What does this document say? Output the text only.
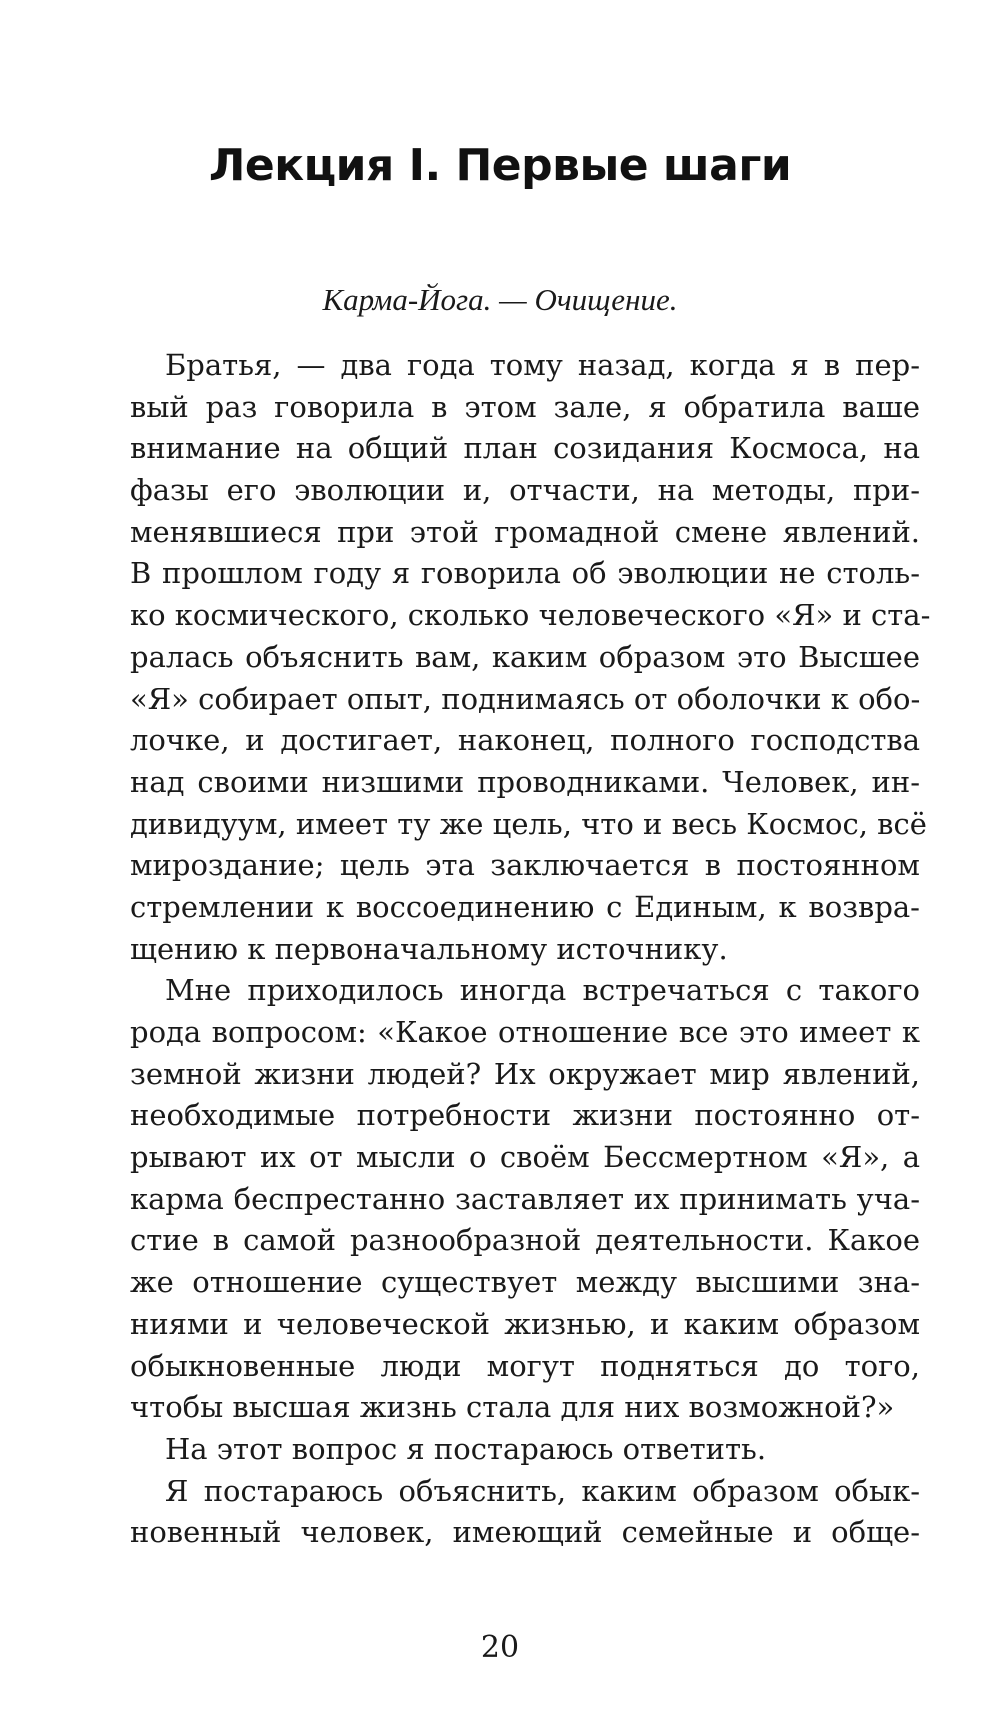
Лекция I. Первые шаги
Карма-Йога. — Очищение.
Братья, — два года тому назад, когда я в пер-
вый раз говорила в этом зале, я обратила ваше
внимание на общий план созидания Космоса, на
фазы его эволюции и, отчасти, на методы, при-
менявшиеся при этой громадной смене явлений.
В прошлом году я говорила об эволюции не столь-
ко космического, сколько человеческого «Я» и ста-
ралась объяснить вам, каким образом это Высшее
«Я» собирает опыт, поднимаясь от оболочки к обо-
лочке, и достигает, наконец, полного господства
над своими низшими проводниками. Человек, ин-
дивидуум, имеет ту же цель, что и весь Космос, всё
мироздание; цель эта заключается в постоянном
стремлении к воссоединению с Единым, к возвра-
щению к первоначальному источнику.
Мне приходилось иногда встречаться с такого
рода вопросом: «Какое отношение все это имеет к
земной жизни людей? Их окружает мир явлений,
необходимые потребности жизни постоянно от-
рывают их от мысли о своём Бессмертном «Я», а
карма беспрестанно заставляет их принимать уча-
стие в самой разнообразной деятельности. Какое
же отношение существует между высшими зна-
ниями и человеческой жизнью, и каким образом
обыкновенные люди могут подняться до того,
чтобы высшая жизнь стала для них возможной?»
На этот вопрос я постараюсь ответить.
Я постараюсь объяснить, каким образом обык-
новенный человек, имеющий семейные и обще-
20
